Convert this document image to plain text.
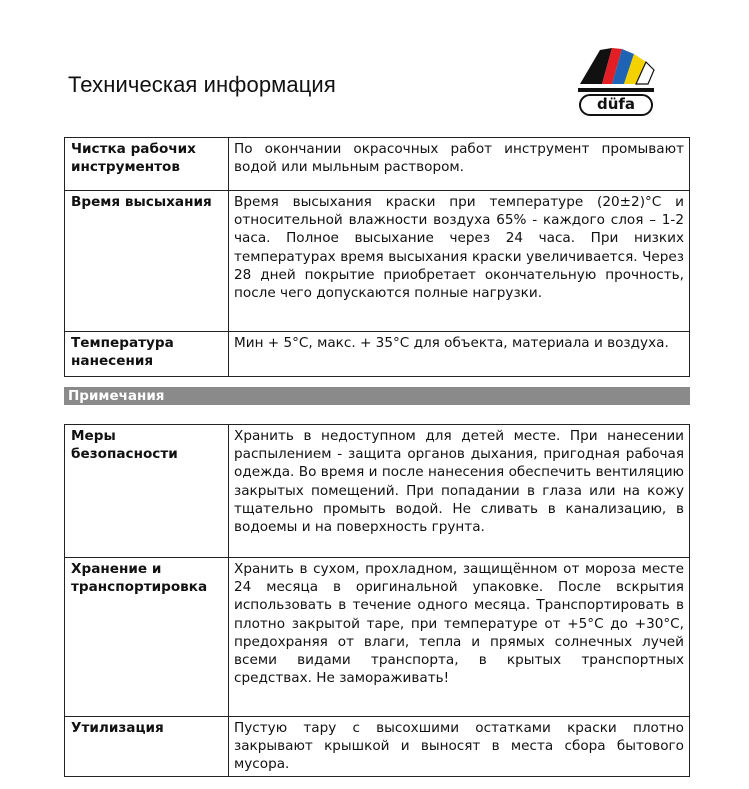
Техническая информация
düfa
Чистка рабочих инструментов	По окончании окрасочных работ инструмент промывают водой или мыльным раствором.
Время высыхания	Время высыхания краски при температуре (20±2)°С и относительной влажности воздуха 65% - каждого слоя – 1-2 часа. Полное высыхание через 24 часа. При низких температурах время высыхания краски увеличивается. Через 28 дней покрытие приобретает окончательную прочность, после чего допускаются полные нагрузки.
Температура нанесения	Мин + 5°С, макс. + 35°С для объекта, материала и воздуха.
Примечания
Меры безопасности	Хранить в недоступном для детей месте. При нанесении распылением - защита органов дыхания, пригодная рабочая одежда. Во время и после нанесения обеспечить вентиляцию закрытых помещений. При попадании в глаза или на кожу тщательно промыть водой. Не сливать в канализацию, в водоемы и на поверхность грунта.
Хранение и транспортировка	Хранить в сухом, прохладном, защищённом от мороза месте 24 месяца в оригинальной упаковке. После вскрытия использовать в течение одного месяца. Транспортировать в плотно закрытой таре, при температуре от +5°С до +30°С, предохраняя от влаги, тепла и прямых солнечных лучей всеми видами транспорта, в крытых транспортных средствах. Не замораживать!
Утилизация	Пустую тару с высохшими остатками краски плотно закрывают крышкой и выносят в места сбора бытового мусора.
